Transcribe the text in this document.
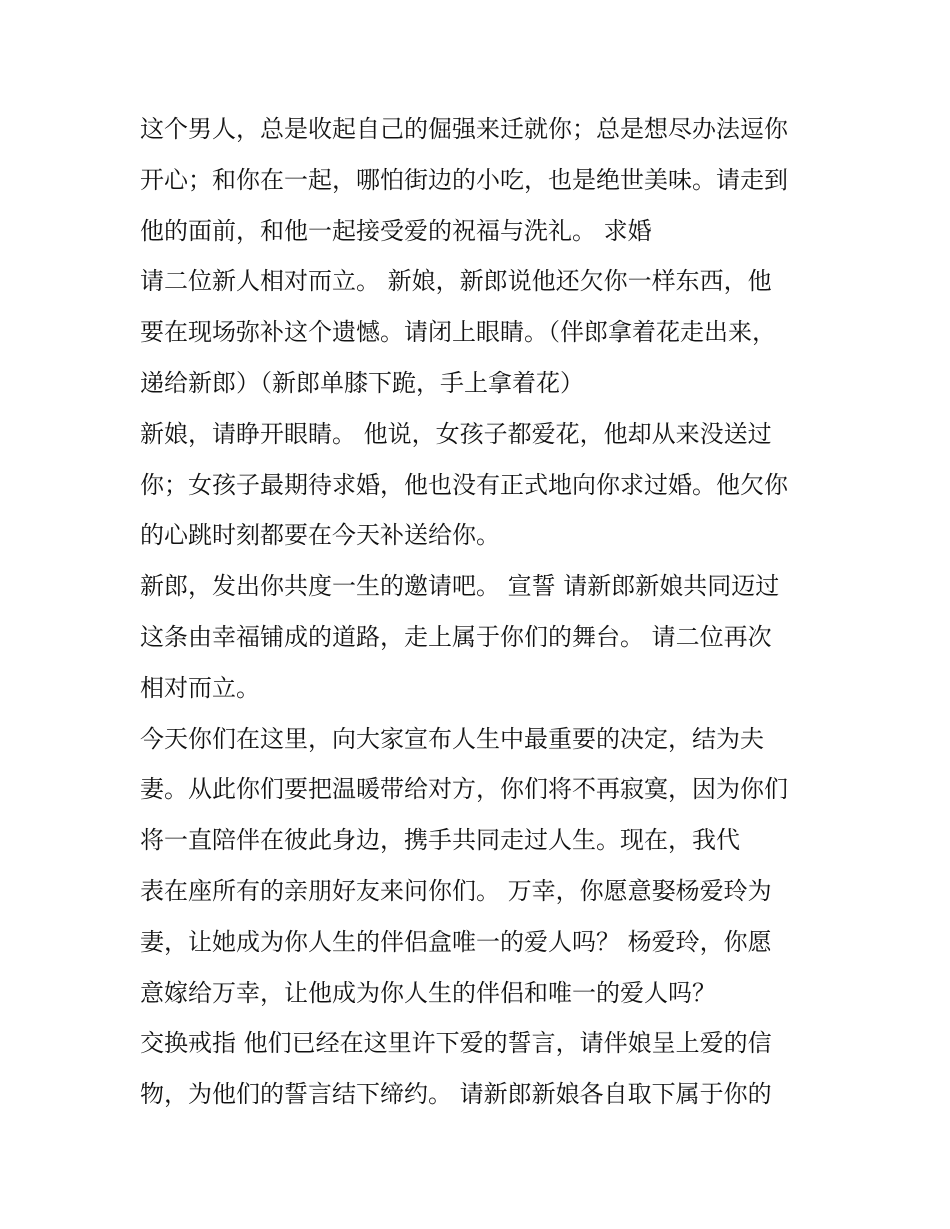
这个男人，总是收起自己的倔强来迁就你；总是想尽办法逗你
开心；和你在一起，哪怕街边的小吃，也是绝世美味。请走到
他的面前，和他一起接受爱的祝福与洗礼。 求婚
请二位新人相对而立。 新娘，新郎说他还欠你一样东西，他
要在现场弥补这个遗憾。请闭上眼睛。（伴郎拿着花走出来，
递给新郎）（新郎单膝下跪，手上拿着花）
新娘，请睁开眼睛。 他说，女孩子都爱花，他却从来没送过
你；女孩子最期待求婚，他也没有正式地向你求过婚。他欠你
的心跳时刻都要在今天补送给你。
新郎，发出你共度一生的邀请吧。 宣誓 请新郎新娘共同迈过
这条由幸福铺成的道路，走上属于你们的舞台。 请二位再次
相对而立。
今天你们在这里，向大家宣布人生中最重要的决定，结为夫
妻。从此你们要把温暖带给对方，你们将不再寂寞，因为你们
将一直陪伴在彼此身边，携手共同走过人生。现在，我代
表在座所有的亲朋好友来问你们。 万幸，你愿意娶杨爱玲为
妻，让她成为你人生的伴侣盒唯一的爱人吗？ 杨爱玲，你愿
意嫁给万幸，让他成为你人生的伴侣和唯一的爱人吗？
交换戒指 他们已经在这里许下爱的誓言，请伴娘呈上爱的信
物，为他们的誓言结下缔约。 请新郎新娘各自取下属于你的
